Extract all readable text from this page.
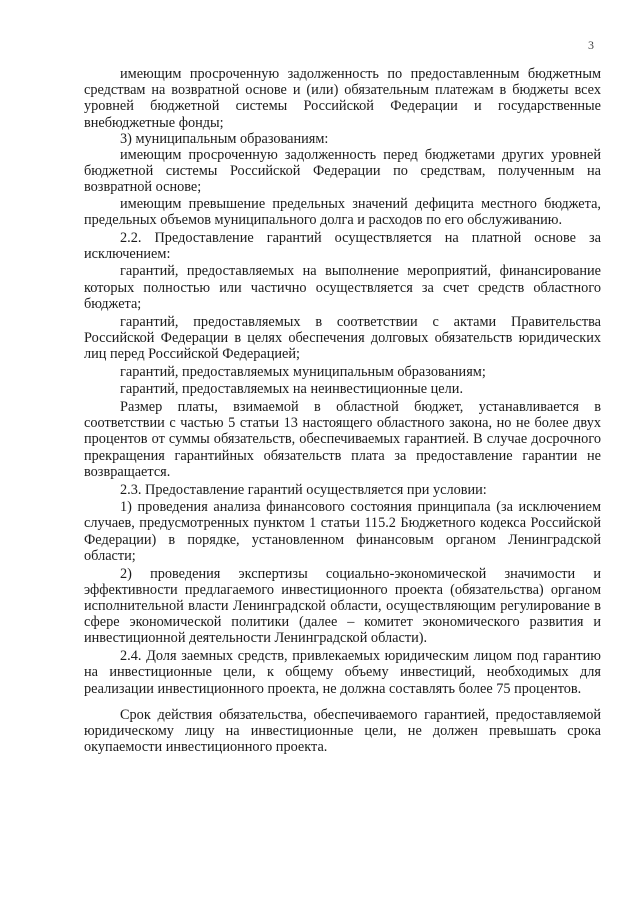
3

имеющим просроченную задолженность по предоставленным бюджетным средствам на возвратной основе и (или) обязательным платежам в бюджеты всех уровней бюджетной системы Российской Федерации и государственные внебюджетные фонды;

3) муниципальным образованиям:

имеющим просроченную задолженность перед бюджетами других уровней бюджетной системы Российской Федерации по средствам, полученным на возвратной основе;

имеющим превышение предельных значений дефицита местного бюджета, предельных объемов муниципального долга и расходов по его обслуживанию.

2.2. Предоставление гарантий осуществляется на платной основе за исключением:

гарантий, предоставляемых на выполнение мероприятий, финансирование которых полностью или частично осуществляется за счет средств областного бюджета;

гарантий, предоставляемых в соответствии с актами Правительства Российской Федерации в целях обеспечения долговых обязательств юридических лиц перед Российской Федерацией;

гарантий, предоставляемых муниципальным образованиям;

гарантий, предоставляемых на неинвестиционные цели.

Размер платы, взимаемой в областной бюджет, устанавливается в соответствии с частью 5 статьи 13 настоящего областного закона, но не более двух процентов от суммы обязательств, обеспечиваемых гарантией. В случае досрочного прекращения гарантийных обязательств плата за предоставление гарантии не возвращается.

2.3. Предоставление гарантий осуществляется при условии:

1) проведения анализа финансового состояния принципала (за исключением случаев, предусмотренных пунктом 1 статьи 115.2 Бюджетного кодекса Российской Федерации) в порядке, установленном финансовым органом Ленинградской области;

2) проведения экспертизы социально-экономической значимости и эффективности предлагаемого инвестиционного проекта (обязательства) органом исполнительной власти Ленинградской области, осуществляющим регулирование в сфере экономической политики (далее – комитет экономического развития и инвестиционной деятельности Ленинградской области).

2.4. Доля заемных средств, привлекаемых юридическим лицом под гарантию на инвестиционные цели, к общему объему инвестиций, необходимых для реализации инвестиционного проекта, не должна составлять более 75 процентов.

Срок действия обязательства, обеспечиваемого гарантией, предоставляемой юридическому лицу на инвестиционные цели, не должен превышать срока окупаемости инвестиционного проекта.
